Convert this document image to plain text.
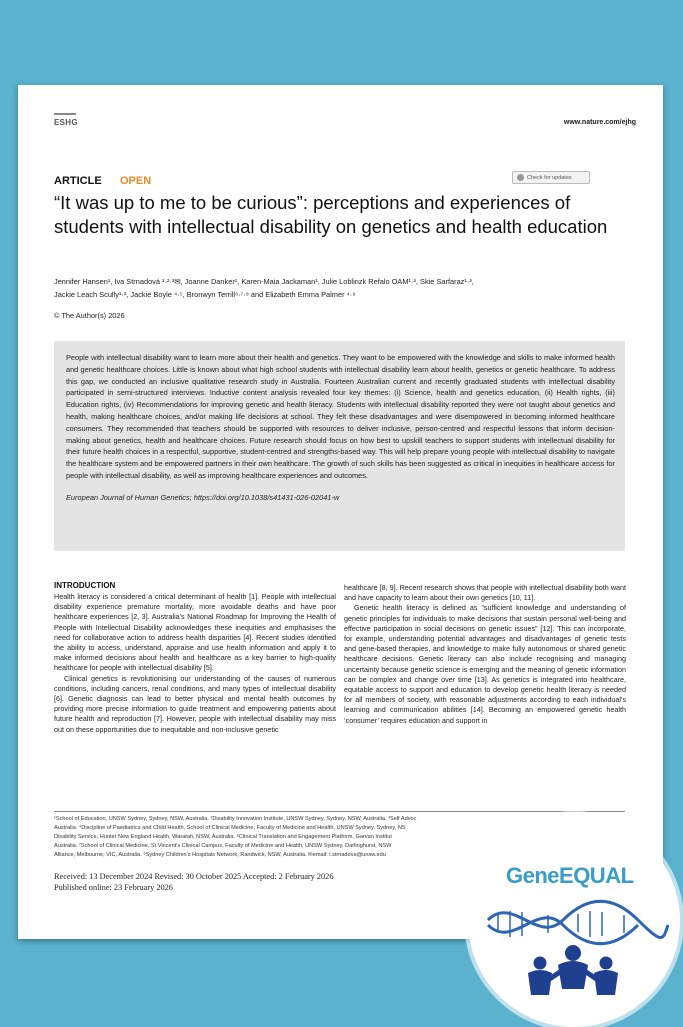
ESHG	www.nature.com/ejhg
ARTICLE OPEN	Check for updates
“It was up to me to be curious”: perceptions and experiences of students with intellectual disability on genetics and health education
Jennifer Hansen¹, Iva Strnadová ¹·²·³✉, Joanne Danker¹, Karen-Maia Jackaman¹, Julie Loblinzk Refalo OAM¹·³, Skie Sarfaraz¹·³,
Jackie Leach Scully¹·², Jackie Boyle ⁴·⁵, Bronwyn Terrill⁶·⁷·⁸ and Elizabeth Emma Palmer ⁴·⁹
© The Author(s) 2026

People with intellectual disability want to learn more about their health and genetics. They want to be empowered with the knowledge and skills to make informed health and genetic healthcare choices. Little is known about what high school students with intellectual disability learn about health, genetics or genetic healthcare. To address this gap, we conducted an inclusive qualitative research study in Australia. Fourteen Australian current and recently graduated students with intellectual disability participated in semi-structured interviews. Inductive content analysis revealed four key themes: (i) Science, health and genetics education, (ii) Health rights, (iii) Education rights, (iv) Recommendations for improving genetic and health literacy. Students with intellectual disability reported they were not taught about genetics and health, making healthcare choices, and/or making life decisions at school. They felt these disadvantages and were disempowered in becoming informed healthcare consumers. They recommended that teachers should be supported with resources to deliver inclusive, person-centred and respectful lessons that inform decision-making about genetics, health and healthcare choices. Future research should focus on how best to upskill teachers to support students with intellectual disability for their future health choices in a respectful, supportive, student-centred and strengths-based way. This will help prepare young people with intellectual disability to navigate the healthcare system and be empowered partners in their own healthcare. The growth of such skills has been suggested as critical in inequities in healthcare access for people with intellectual disability, as well as improving healthcare experiences and outcomes.

European Journal of Human Genetics; https://doi.org/10.1038/s41431-026-02041-w
INTRODUCTION

Health literacy is considered a critical determinant of health [1]. People with intellectual disability experience premature mortality, more avoidable deaths and have poor healthcare experiences [2, 3]. Australia's National Roadmap for Improving the Health of People with Intellectual Disability acknowledges these inequities and emphasises the need for collaborative action to address health disparities [4]. Recent studies identified the ability to access, understand, appraise and use health information and apply it to make informed decisions about health and healthcare as a key barrier to high-quality healthcare for people with intellectual disability [5].

Clinical genetics is revolutionising our understanding of the causes of numerous conditions, including cancers, renal conditions, and many types of intellectual disability [6]. Genetic diagnosis can lead to better physical and mental health outcomes by providing more precise information to guide treatment and empowering patients about future health and reproduction [7]. However, people with intellectual disability may miss out on these opportunities due to inequitable and non-inclusive genetic

healthcare [8, 9]. Recent research shows that people with intellectual disability both want and have capacity to learn about their own genetics [10, 11].

Genetic health literacy is defined as “sufficient knowledge and understanding of genetic principles for individuals to make decisions that sustain personal well-being and effective participation in social decisions on genetic issues” [12]. This can incorporate, for example, understanding potential advantages and disadvantages of genetic tests and gene-based therapies, and knowledge to make fully autonomous or shared genetic healthcare decisions. Genetic literacy can also include recognising and managing uncertainty because genetic science is emerging and the meaning of genetic information can be complex and change over time [13]. As genetics is integrated into healthcare, equitable access to support and education to develop genetic health literacy is needed for all members of society, with reasonable adjustments according to each individual's learning and communication abilities [14]. Becoming an empowered genetic health ‘consumer’ requires education and support in

¹School of Education, UNSW Sydney, Sydney, NSW, Australia. ²Disability Innovation Institute, UNSW Sydney, Sydney, NSW, Australia. ³Self Advoc
Australia. ⁴Discipline of Paediatrics and Child Health, School of Clinical Medicine, Faculty of Medicine and Health, UNSW Sydney, Sydney, NS
Disability Service, Hunter New England Health, Waratah, NSW, Australia. ⁶Clinical Translation and Engagement Platform, Garvan Institut
Australia. ⁷School of Clinical Medicine, St Vincent's Clinical Campus, Faculty of Medicine and Health, UNSW Sydney, Darlinghurst, NSW
Alliance, Melbourne, VIC, Australia. ⁹Sydney Children's Hospitals Network, Randwick, NSW, Australia. ✉email: i.strnadova@unsw.edu
Received: 13 December 2024 Revised: 30 October 2025 Accepted: 2 February 2026
Published online: 23 February 2026	GeneEQUAL
